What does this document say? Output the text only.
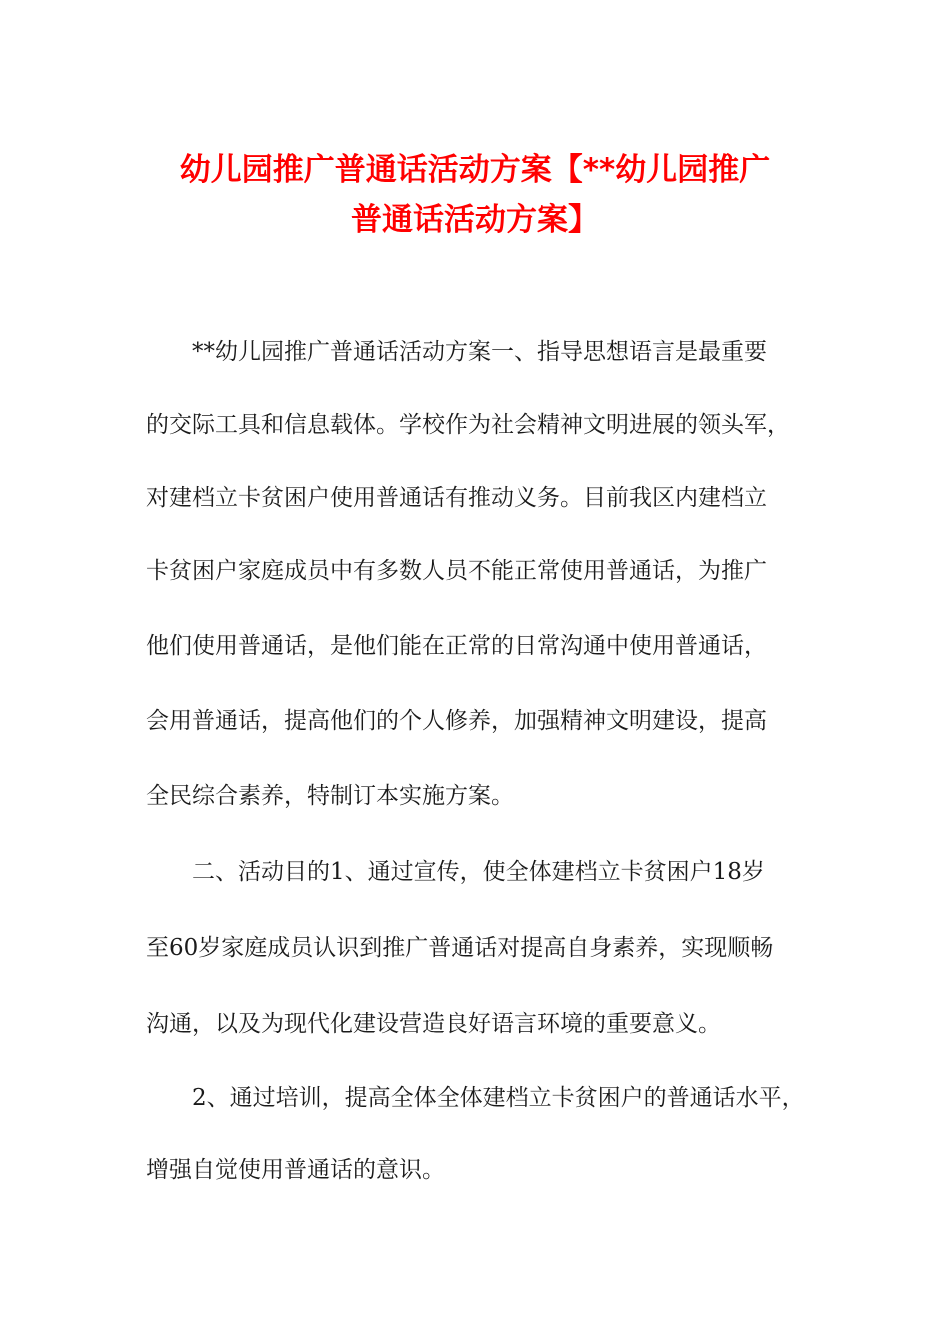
幼儿园推广普通话活动方案【**幼儿园推广
普通话活动方案】

**幼儿园推广普通话活动方案一、指导思想语言是最重要

的交际工具和信息载体。学校作为社会精神文明进展的领头军，

对建档立卡贫困户使用普通话有推动义务。目前我区内建档立

卡贫困户家庭成员中有多数人员不能正常使用普通话，为推广

他们使用普通话，是他们能在正常的日常沟通中使用普通话，

会用普通话，提高他们的个人修养，加强精神文明建设，提高

全民综合素养，特制订本实施方案。

二、活动目的1、通过宣传，使全体建档立卡贫困户18岁

至60岁家庭成员认识到推广普通话对提高自身素养，实现顺畅

沟通，以及为现代化建设营造良好语言环境的重要意义。

2、通过培训，提高全体全体建档立卡贫困户的普通话水平，

增强自觉使用普通话的意识。
